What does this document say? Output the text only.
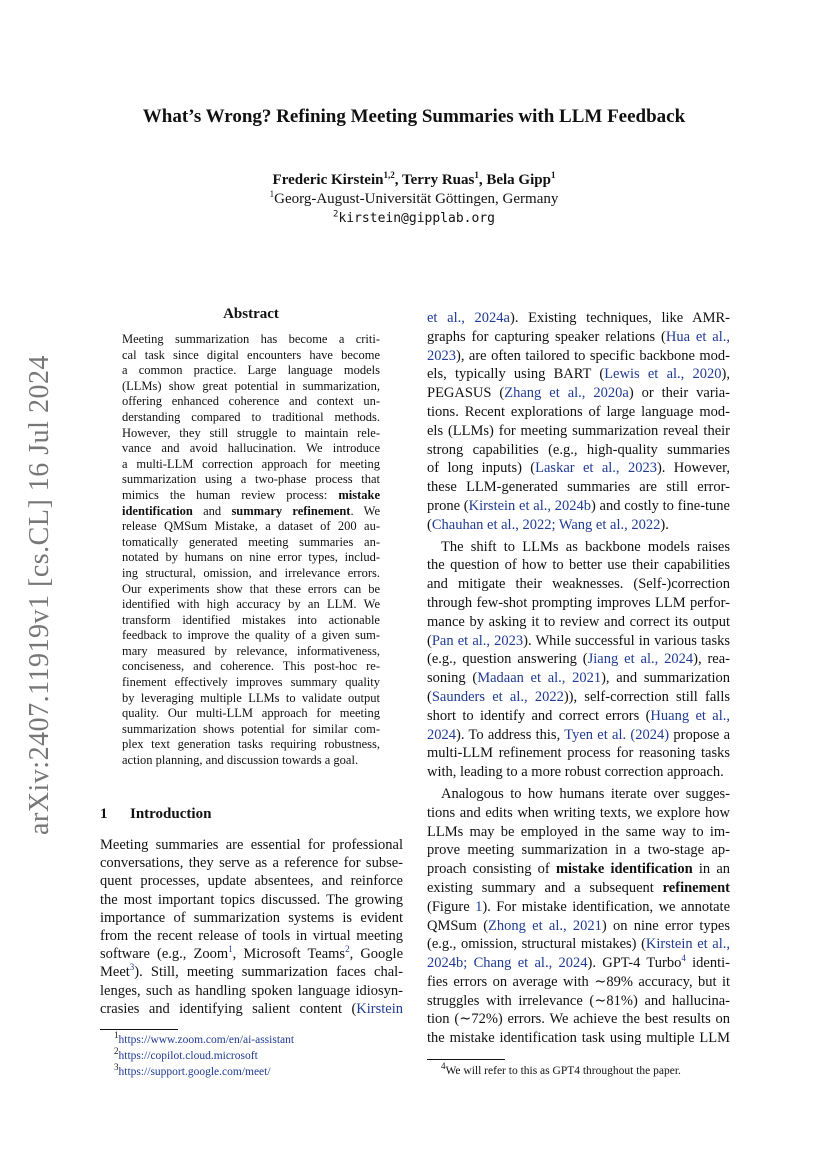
arXiv:2407.11919v1 [cs.CL] 16 Jul 2024
What’s Wrong? Refining Meeting Summaries with LLM Feedback
Frederic Kirstein$^{1,2}$, Terry Ruas$^1$, Bela Gipp$^1$
$^1$Georg-August-Universität Göttingen, Germany
$^2$kirstein@gipplab.org
Abstract
Meeting summarization has become a criti-
cal task since digital encounters have become
a common practice. Large language models
(LLMs) show great potential in summarization,
offering enhanced coherence and context un-
derstanding compared to traditional methods.
However, they still struggle to maintain rele-
vance and avoid hallucination. We introduce
a multi-LLM correction approach for meeting
summarization using a two-phase process that
mimics the human review process: mistake
identification and summary refinement. We
release QMSum Mistake, a dataset of 200 au-
tomatically generated meeting summaries an-
notated by humans on nine error types, includ-
ing structural, omission, and irrelevance errors.
Our experiments show that these errors can be
identified with high accuracy by an LLM. We
transform identified mistakes into actionable
feedback to improve the quality of a given sum-
mary measured by relevance, informativeness,
conciseness, and coherence. This post-hoc re-
finement effectively improves summary quality
by leveraging multiple LLMs to validate output
quality. Our multi-LLM approach for meeting
summarization shows potential for similar com-
plex text generation tasks requiring robustness,
action planning, and discussion towards a goal.
1 Introduction
Meeting summaries are essential for professional
conversations, they serve as a reference for subse-
quent processes, update absentees, and reinforce
the most important topics discussed. The growing
importance of summarization systems is evident
from the recent release of tools in virtual meeting
software (e.g., Zoom$^1$, Microsoft Teams$^2$, Google
Meet$^3$). Still, meeting summarization faces chal-
lenges, such as handling spoken language idiosyn-
crasies and identifying salient content (Kirstein
et al., 2024a). Existing techniques, like AMR-
graphs for capturing speaker relations (Hua et al.,
2023), are often tailored to specific backbone mod-
els, typically using BART (Lewis et al., 2020),
PEGASUS (Zhang et al., 2020a) or their varia-
tions. Recent explorations of large language mod-
els (LLMs) for meeting summarization reveal their
strong capabilities (e.g., high-quality summaries
of long inputs) (Laskar et al., 2023). However,
these LLM-generated summaries are still error-
prone (Kirstein et al., 2024b) and costly to fine-tune
(Chauhan et al., 2022; Wang et al., 2022).
The shift to LLMs as backbone models raises
the question of how to better use their capabilities
and mitigate their weaknesses. (Self-)correction
through few-shot prompting improves LLM perfor-
mance by asking it to review and correct its output
(Pan et al., 2023). While successful in various tasks
(e.g., question answering (Jiang et al., 2024), rea-
soning (Madaan et al., 2021), and summarization
(Saunders et al., 2022)), self-correction still falls
short to identify and correct errors (Huang et al.,
2024). To address this, Tyen et al. (2024) propose a
multi-LLM refinement process for reasoning tasks
with, leading to a more robust correction approach.
Analogous to how humans iterate over sugges-
tions and edits when writing texts, we explore how
LLMs may be employed in the same way to im-
prove meeting summarization in a two-stage ap-
proach consisting of mistake identification in an
existing summary and a subsequent refinement
(Figure 1). For mistake identification, we annotate
QMSum (Zhong et al., 2021) on nine error types
(e.g., omission, structural mistakes) (Kirstein et al.,
2024b; Chang et al., 2024). GPT-4 Turbo$^4$ identi-
fies errors on average with ∼89% accuracy, but it
struggles with irrelevance (∼81%) and hallucina-
tion (∼72%) errors. We achieve the best results on
the mistake identification task using multiple LLM
$^1$https://www.zoom.com/en/ai-assistant
$^2$https://copilot.cloud.microsoft
$^3$https://support.google.com/meet/	$^4$We will refer to this as GPT4 throughout the paper.
